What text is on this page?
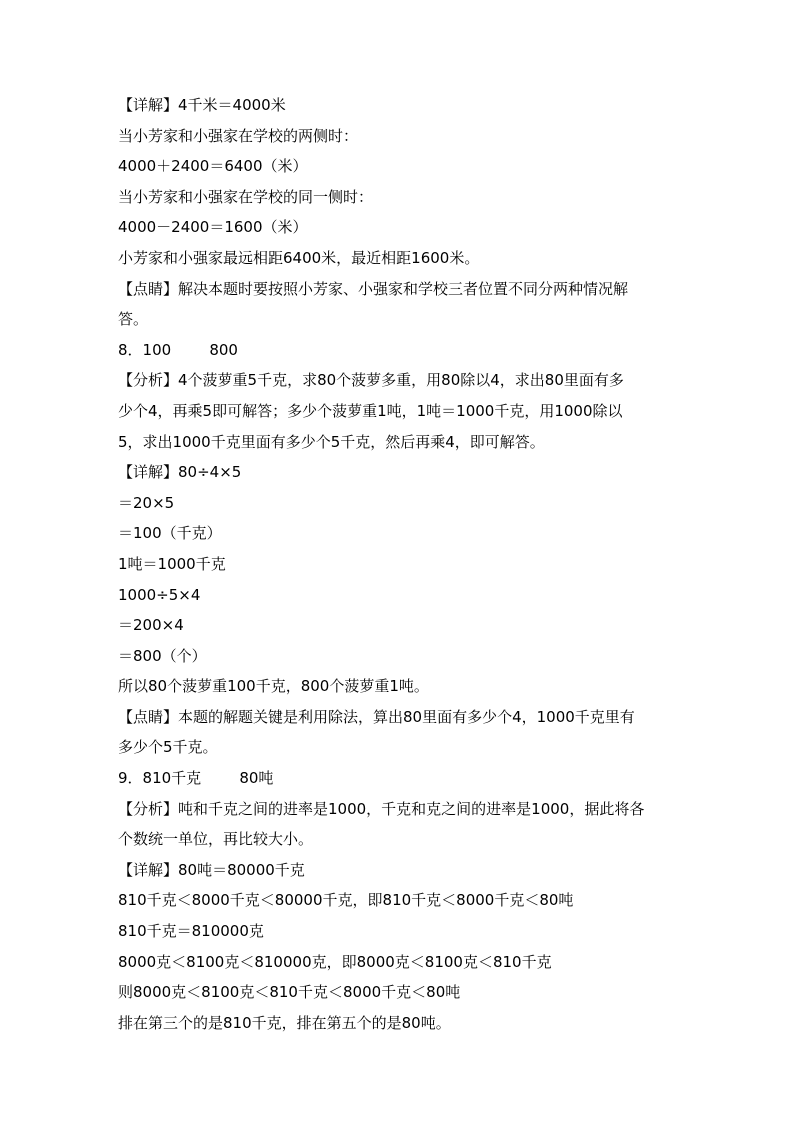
【详解】4千米＝4000米
当小芳家和小强家在学校的两侧时：
4000＋2400＝6400（米）
当小芳家和小强家在学校的同一侧时：
4000－2400＝1600（米）
小芳家和小强家最远相距6400米，最近相距1600米。
【点睛】解决本题时要按照小芳家、小强家和学校三者位置不同分两种情况解
答。
8．100        800
【分析】4个菠萝重5千克，求80个菠萝多重，用80除以4，求出80里面有多
少个4，再乘5即可解答；多少个菠萝重1吨，1吨＝1000千克，用1000除以
5，求出1000千克里面有多少个5千克，然后再乘4，即可解答。
【详解】80÷4×5
＝20×5
＝100（千克）
1吨＝1000千克
1000÷5×4
＝200×4
＝800（个）
所以80个菠萝重100千克，800个菠萝重1吨。
【点睛】本题的解题关键是利用除法，算出80里面有多少个4，1000千克里有
多少个5千克。
9．810千克        80吨
【分析】吨和千克之间的进率是1000，千克和克之间的进率是1000，据此将各
个数统一单位，再比较大小。
【详解】80吨＝80000千克
810千克＜8000千克＜80000千克，即810千克＜8000千克＜80吨
810千克＝810000克
8000克＜8100克＜810000克，即8000克＜8100克＜810千克
则8000克＜8100克＜810千克＜8000千克＜80吨
排在第三个的是810千克，排在第五个的是80吨。
